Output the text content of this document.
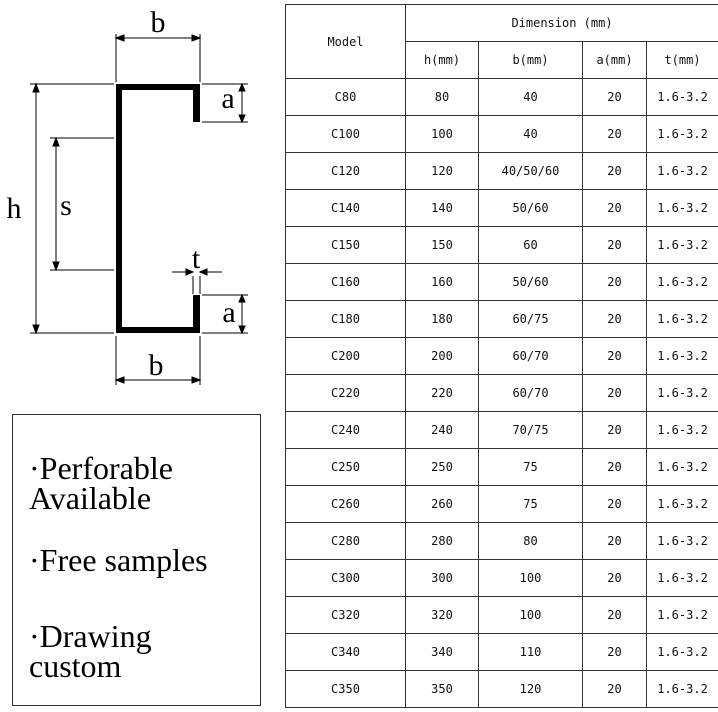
b
b
h s
a
a
t
·Perforable
Available
·Free samples
·Drawing
custom
Model	Dimension (mm)			
	h(mm)	b(mm)	a(mm)	t(mm)
C80	80	40	20	1.6-3.2
C100	100	40	20	1.6-3.2
C120	120	40/50/60	20	1.6-3.2
C140	140	50/60	20	1.6-3.2
C150	150	60	20	1.6-3.2
C160	160	50/60	20	1.6-3.2
C180	180	60/75	20	1.6-3.2
C200	200	60/70	20	1.6-3.2
C220	220	60/70	20	1.6-3.2
C240	240	70/75	20	1.6-3.2
C250	250	75	20	1.6-3.2
C260	260	75	20	1.6-3.2
C280	280	80	20	1.6-3.2
C300	300	100	20	1.6-3.2
C320	320	100	20	1.6-3.2
C340	340	110	20	1.6-3.2
C350	350	120	20	1.6-3.2
